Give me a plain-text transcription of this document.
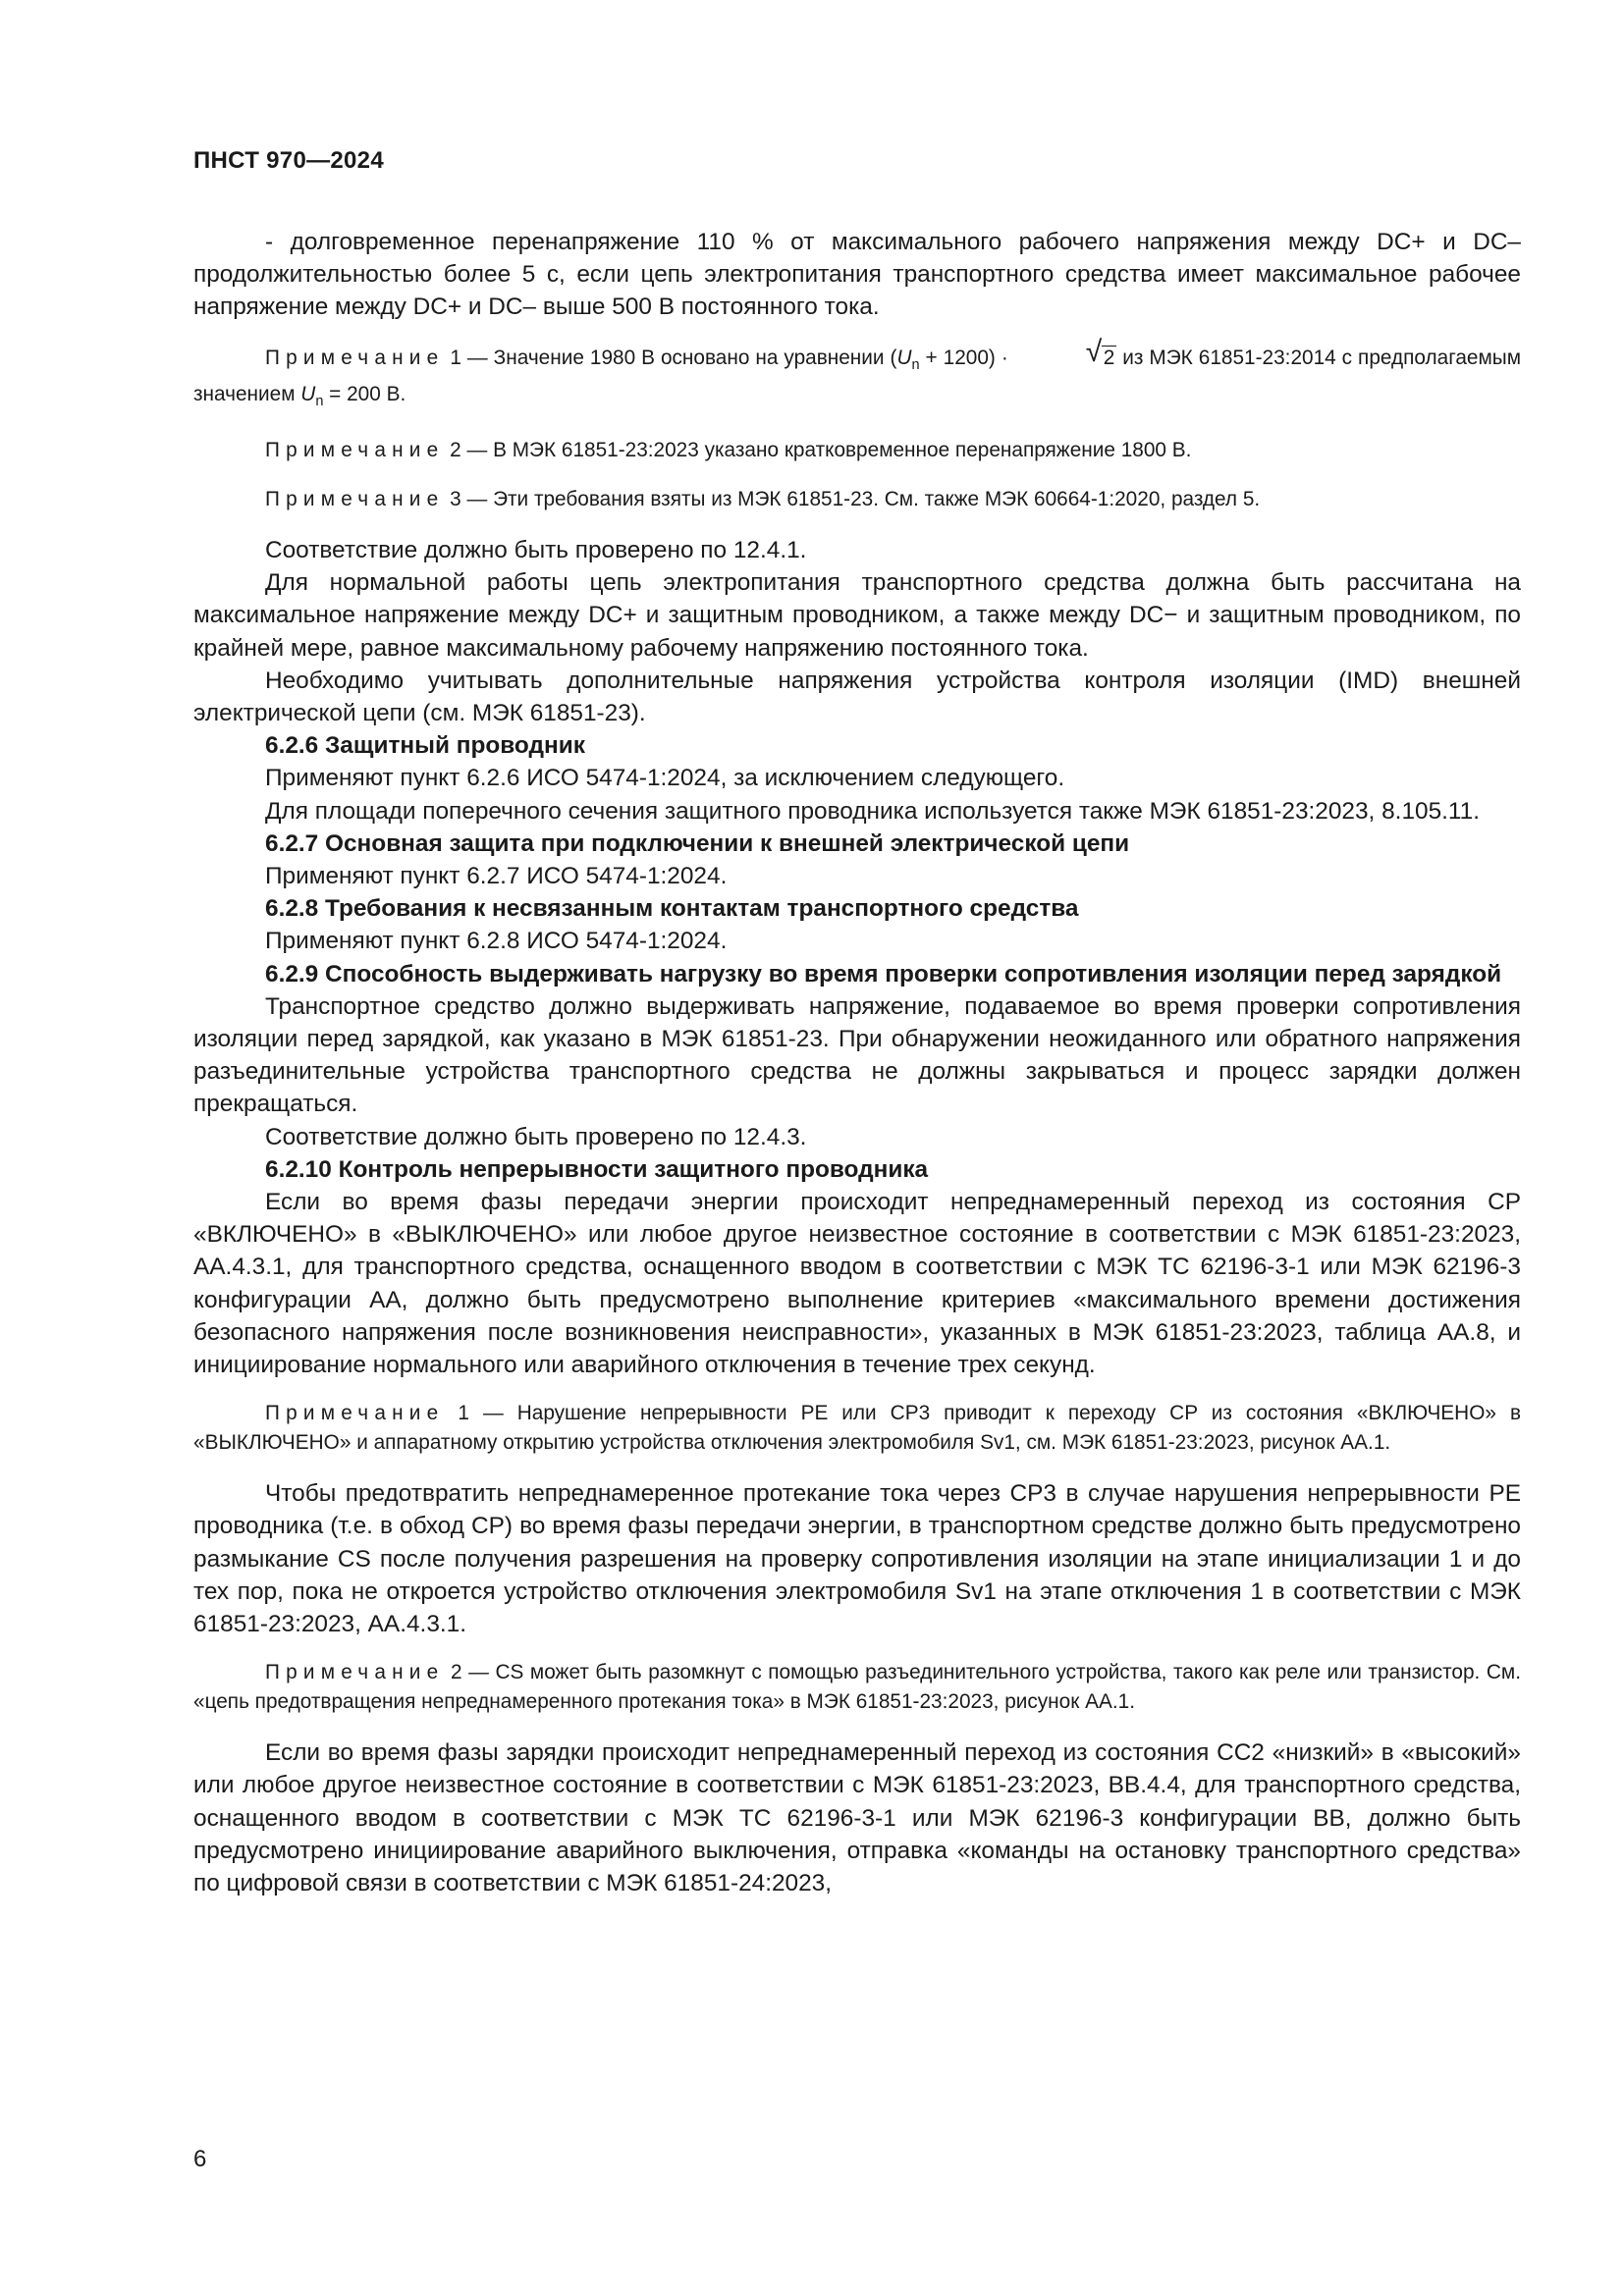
ПНСТ 970—2024

- долговременное перенапряжение 110 % от максимального рабочего напряжения между DC+ и DC– продолжительностью более 5 с, если цепь электропитания транспортного средства имеет максимальное рабочее напряжение между DC+ и DC– выше 500 В постоянного тока.

Примечание 1 — Значение 1980 В основано на уравнении $(U_n + 1200)$ ·	√ 2 из МЭК 61851-23:2014 с предполагаемым значением $U_n = 200$ В.

Примечание 2 — В МЭК 61851-23:2023 указано кратковременное перенапряжение 1800 В.

Примечание 3 — Эти требования взяты из МЭК 61851-23. См. также МЭК 60664-1:2020, раздел 5.

Соответствие должно быть проверено по 12.4.1.

Для нормальной работы цепь электропитания транспортного средства должна быть рассчитана на максимальное напряжение между DC+ и защитным проводником, а также между DC− и защитным проводником, по крайней мере, равное максимальному рабочему напряжению постоянного тока.

Необходимо учитывать дополнительные напряжения устройства контроля изоляции (IMD) внешней электрической цепи (см. МЭК 61851-23).

6.2.6 Защитный проводник

Применяют пункт 6.2.6 ИСО 5474-1:2024, за исключением следующего.

Для площади поперечного сечения защитного проводника используется также МЭК 61851-23:2023, 8.105.11.

6.2.7 Основная защита при подключении к внешней электрической цепи

Применяют пункт 6.2.7 ИСО 5474-1:2024.

6.2.8 Требования к несвязанным контактам транспортного средства

Применяют пункт 6.2.8 ИСО 5474-1:2024.

6.2.9 Способность выдерживать нагрузку во время проверки сопротивления изоляции перед зарядкой

Транспортное средство должно выдерживать напряжение, подаваемое во время проверки сопротивления изоляции перед зарядкой, как указано в МЭК 61851-23. При обнаружении неожиданного или обратного напряжения разъединительные устройства транспортного средства не должны закрываться и процесс зарядки должен прекращаться.

Соответствие должно быть проверено по 12.4.3.

6.2.10 Контроль непрерывности защитного проводника

Если во время фазы передачи энергии происходит непреднамеренный переход из состояния CP «ВКЛЮЧЕНО» в «ВЫКЛЮЧЕНО» или любое другое неизвестное состояние в соответствии с МЭК 61851-23:2023, AA.4.3.1, для транспортного средства, оснащенного вводом в соответствии с МЭК ТС 62196-3-1 или МЭК 62196-3 конфигурации AA, должно быть предусмотрено выполнение критериев «максимального времени достижения безопасного напряжения после возникновения неисправности», указанных в МЭК 61851-23:2023, таблица AA.8, и инициирование нормального или аварийного отключения в течение трех секунд.

Примечание 1 — Нарушение непрерывности PE или CP3 приводит к переходу CP из состояния «ВКЛЮЧЕНО» в «ВЫКЛЮЧЕНО» и аппаратному открытию устройства отключения электромобиля Sv1, см. МЭК 61851-23:2023, рисунок AA.1.

Чтобы предотвратить непреднамеренное протекание тока через CP3 в случае нарушения непрерывности PE проводника (т.е. в обход CP) во время фазы передачи энергии, в транспортном средстве должно быть предусмотрено размыкание CS после получения разрешения на проверку сопротивления изоляции на этапе инициализации 1 и до тех пор, пока не откроется устройство отключения электромобиля Sv1 на этапе отключения 1 в соответствии с МЭК 61851-23:2023, AA.4.3.1.

Примечание 2 — CS может быть разомкнут с помощью разъединительного устройства, такого как реле или транзистор. См. «цепь предотвращения непреднамеренного протекания тока» в МЭК 61851-23:2023, рисунок AA.1.

Если во время фазы зарядки происходит непреднамеренный переход из состояния CC2 «низкий» в «высокий» или любое другое неизвестное состояние в соответствии с МЭК 61851-23:2023, BB.4.4, для транспортного средства, оснащенного вводом в соответствии с МЭК ТС 62196-3-1 или МЭК 62196-3 конфигурации BB, должно быть предусмотрено инициирование аварийного выключения, отправка «команды на остановку транспортного средства» по цифровой связи в соответствии с МЭК 61851-24:2023,

6
